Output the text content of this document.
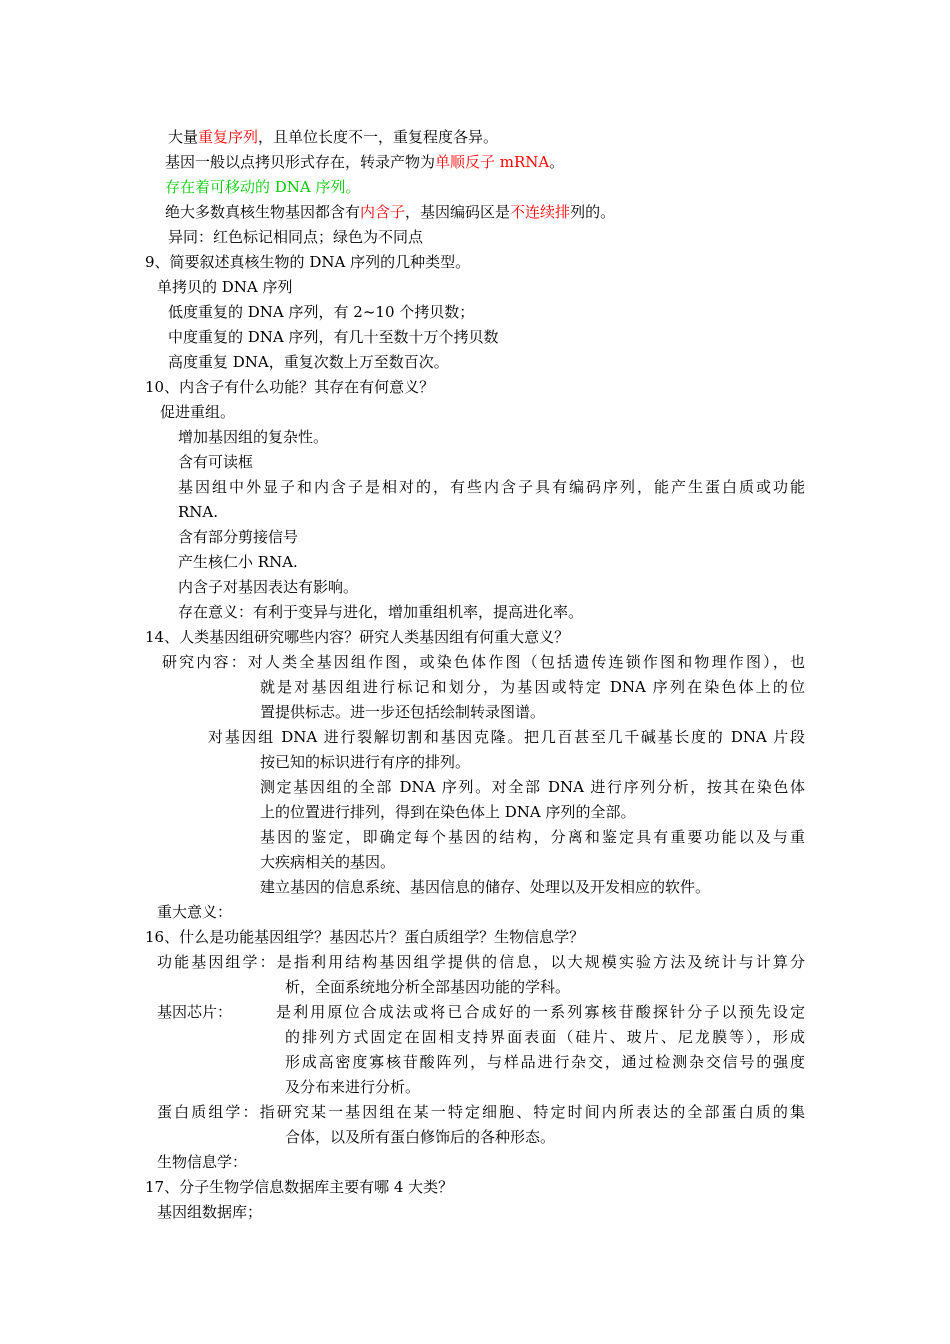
大量重复序列，且单位长度不一，重复程度各异。
基因一般以点拷贝形式存在，转录产物为单顺反子 mRNA。
存在着可移动的 DNA 序列。
绝大多数真核生物基因都含有内含子，基因编码区是不连续排列的。
异同：红色标记相同点；绿色为不同点
9、简要叙述真核生物的 DNA 序列的几种类型。
单拷贝的 DNA 序列
低度重复的 DNA 序列，有 2~10 个拷贝数；
中度重复的 DNA 序列，有几十至数十万个拷贝数
高度重复 DNA，重复次数上万至数百次。
10、内含子有什么功能？其存在有何意义？
促进重组。
增加基因组的复杂性。
含有可读框
基因组中外显子和内含子是相对的，有些内含子具有编码序列，能产生蛋白质或功能
RNA.
含有部分剪接信号
产生核仁小 RNA.
内含子对基因表达有影响。
存在意义：有利于变异与进化，增加重组机率，提高进化率。
14、人类基因组研究哪些内容？研究人类基因组有何重大意义？
研究内容：对人类全基因组作图，或染色体作图（包括遗传连锁作图和物理作图），也
就是对基因组进行标记和划分，为基因或特定 DNA 序列在染色体上的位
置提供标志。进一步还包括绘制转录图谱。
对基因组 DNA 进行裂解切割和基因克隆。把几百甚至几千碱基长度的 DNA 片段
按已知的标识进行有序的排列。
测定基因组的全部 DNA 序列。对全部 DNA 进行序列分析，按其在染色体
上的位置进行排列，得到在染色体上 DNA 序列的全部。
基因的鉴定，即确定每个基因的结构，分离和鉴定具有重要功能以及与重
大疾病相关的基因。
建立基因的信息系统、基因信息的储存、处理以及开发相应的软件。
重大意义：
16、什么是功能基因组学？基因芯片？蛋白质组学？生物信息学？
功能基因组学：是指利用结构基因组学提供的信息，以大规模实验方法及统计与计算分
析，全面系统地分析全部基因功能的学科。
基因芯片：	是利用原位合成法或将已合成好的一系列寡核苷酸探针分子以预先设定
的排列方式固定在固相支持界面表面（硅片、玻片、尼龙膜等），形成
形成高密度寡核苷酸阵列，与样品进行杂交，通过检测杂交信号的强度
及分布来进行分析。
蛋白质组学：指研究某一基因组在某一特定细胞、特定时间内所表达的全部蛋白质的集
合体，以及所有蛋白修饰后的各种形态。
生物信息学：
17、分子生物学信息数据库主要有哪 4 大类？
基因组数据库；
